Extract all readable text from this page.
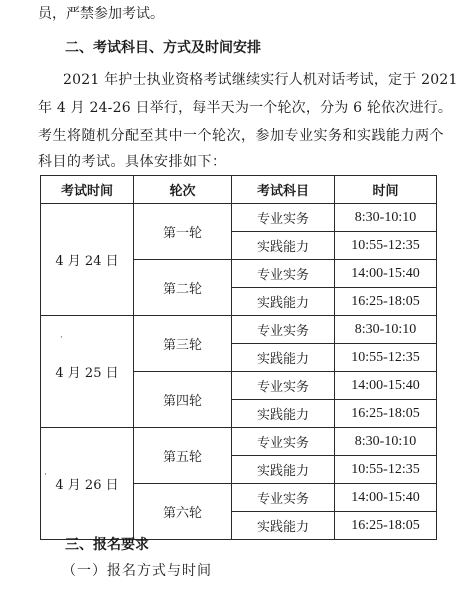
员，严禁参加考试。
二、考试科目、方式及时间安排
2021 年护士执业资格考试继续实行人机对话考试，定于 2021
年 4 月 24-26 日举行，每半天为一个轮次，分为 6 轮依次进行。
考生将随机分配至其中一个轮次，参加专业实务和实践能力两个
科目的考试。具体安排如下：
考试时间	轮次	考试科目	时间
4 月 24 日	第一轮	专业实务	8:30-10:10
		实践能力	10:55-12:35
	第二轮	专业实务	14:00-15:40
		实践能力	16:25-18:05
4 月 25 日	第三轮	专业实务	8:30-10:10
		实践能力	10:55-12:35
	第四轮	专业实务	14:00-15:40
		实践能力	16:25-18:05
4 月 26 日	第五轮	专业实务	8:30-10:10
		实践能力	10:55-12:35
	第六轮	专业实务	14:00-15:40
		实践能力	16:25-18:05
三、报名要求
（一）报名方式与时间
·
·
